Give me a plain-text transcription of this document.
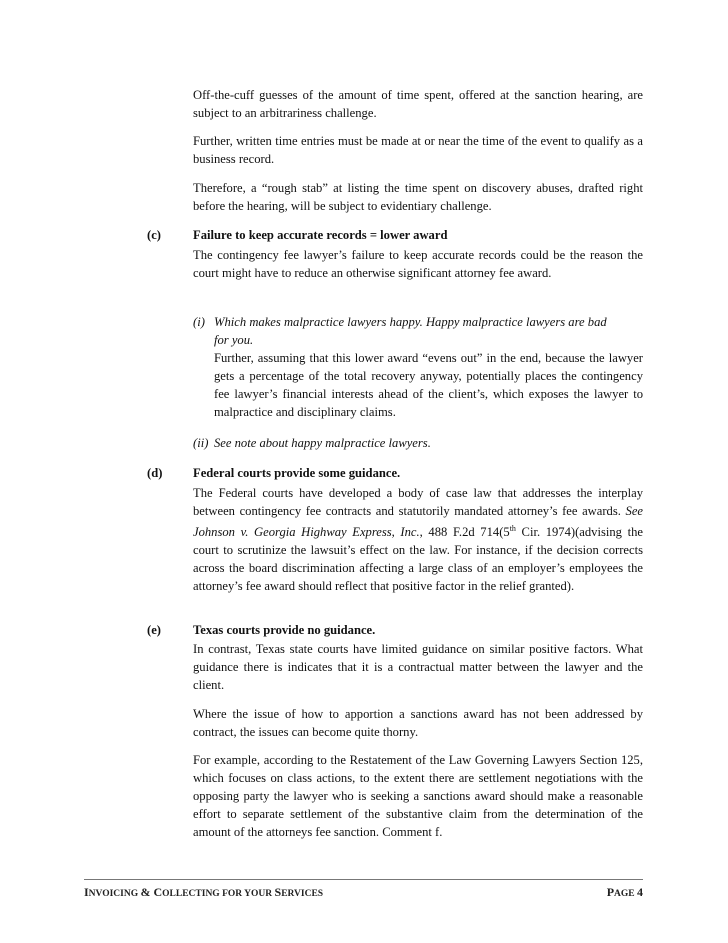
Off-the-cuff guesses of the amount of time spent, offered at the sanction hearing, are subject to an arbitrariness challenge.
Further, written time entries must be made at or near the time of the event to qualify as a business record.
Therefore, a “rough stab” at listing the time spent on discovery abuses, drafted right before the hearing, will be subject to evidentiary challenge.
(c)	Failure to keep accurate records = lower award
The contingency fee lawyer’s failure to keep accurate records could be the reason the court might have to reduce an otherwise significant attorney fee award.
(i) Which makes malpractice lawyers happy. Happy malpractice lawyers are bad
for you.
Further, assuming that this lower award “evens out” in the end, because the lawyer gets a percentage of the total recovery anyway, potentially places the contingency fee lawyer’s financial interests ahead of the client’s, which exposes the lawyer to malpractice and disciplinary claims.
(ii) See note about happy malpractice lawyers.
(d) Federal courts provide some guidance.
The Federal courts have developed a body of case law that addresses the interplay between contingency fee contracts and statutorily mandated attorney’s fee awards. See Johnson v. Georgia Highway Express, Inc., 488 F.2d 714(5th Cir. 1974)(advising the court to scrutinize the lawsuit’s effect on the law. For instance, if the decision corrects across the board discrimination affecting a large class of an employer’s employees the attorney’s fee award should reflect that positive factor in the relief granted).
(e)	Texas courts provide no guidance.
In contrast, Texas state courts have limited guidance on similar positive factors. What guidance there is indicates that it is a contractual matter between the lawyer and the client.
Where the issue of how to apportion a sanctions award has not been addressed by contract, the issues can become quite thorny.
For example, according to the Restatement of the Law Governing Lawyers Section 125, which focuses on class actions, to the extent there are settlement negotiations with the opposing party the lawyer who is seeking a sanctions award should make a reasonable effort to separate settlement of the substantive claim from the determination of the amount of the attorneys fee sanction. Comment f.
INVOICING & COLLECTING FOR YOUR SERVICES	PAGE 4
